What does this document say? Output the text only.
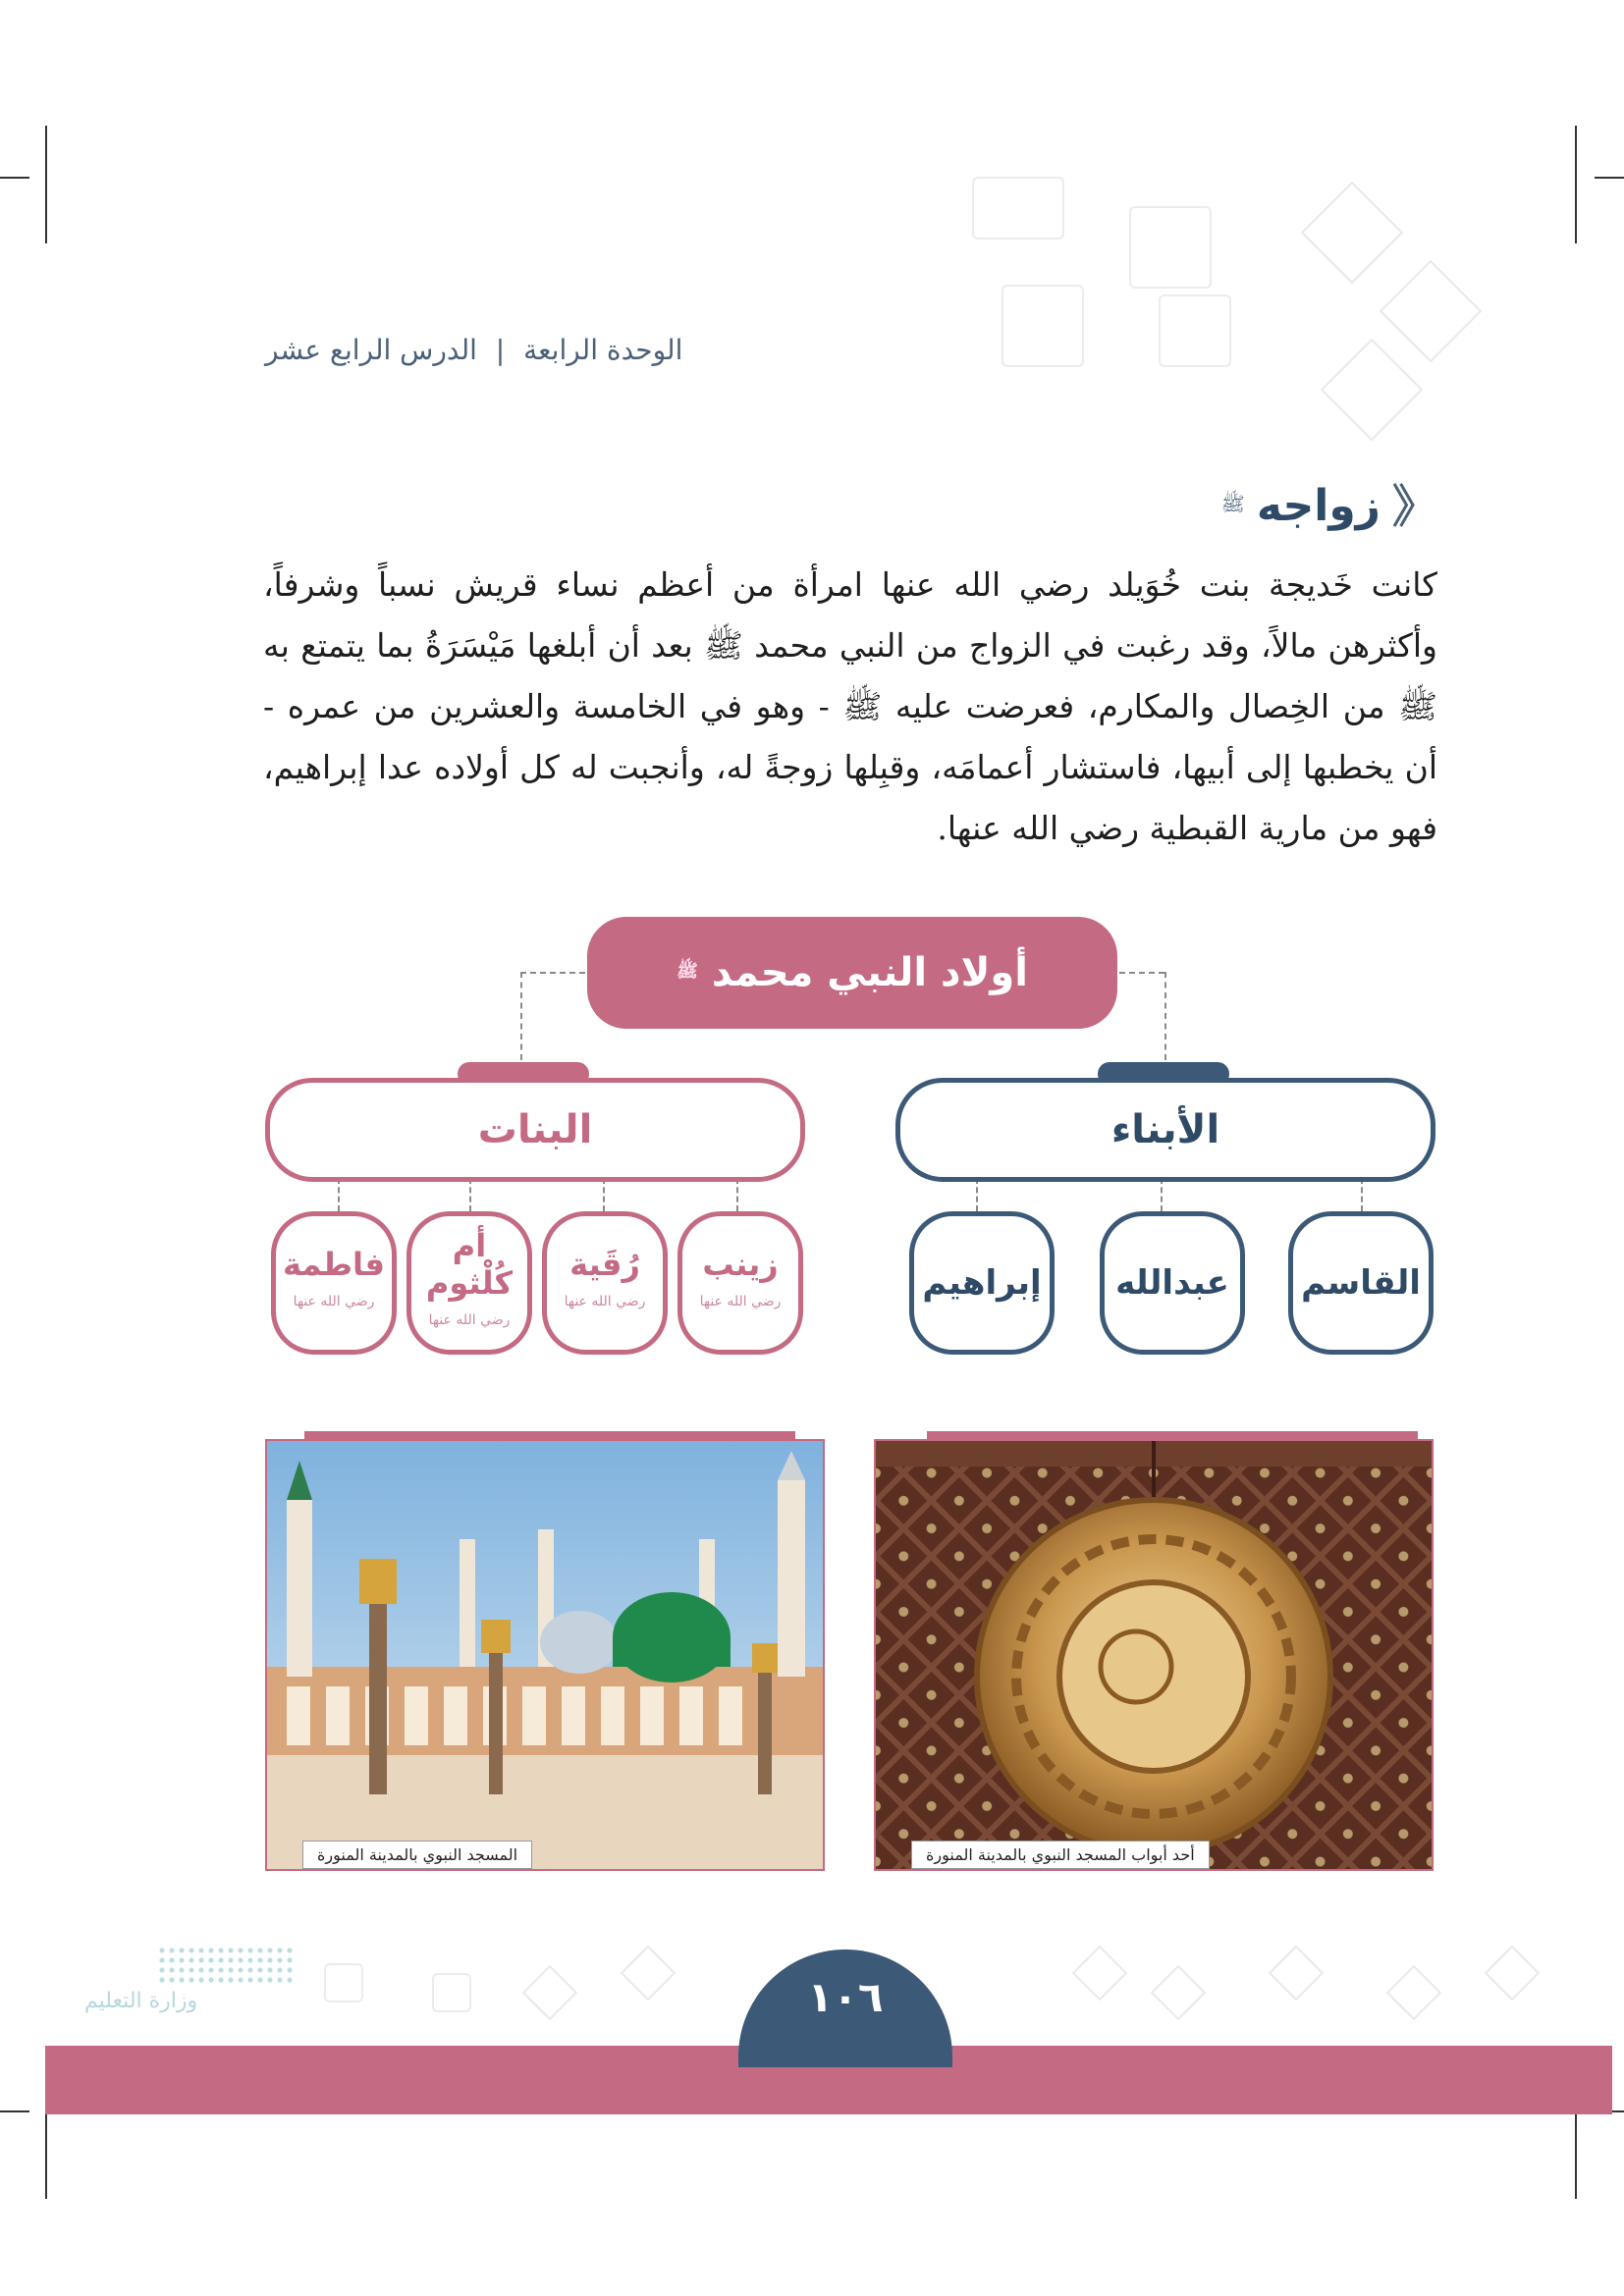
الوحدة الرابعة | الدرس الرابع عشر
《
زواجه
ﷺ
كانت خَديجة بنت خُوَيلد رضي الله عنها امرأة من أعظم نساء قريش نسباً وشرفاً، وأكثرهن مالاً، وقد رغبت في الزواج من النبي محمد ﷺ بعد أن أبلغها مَيْسَرَةُ بما يتمتع به ﷺ من الخِصال والمكارم، فعرضت عليه ﷺ - وهو في الخامسة والعشرين من عمره - أن يخطبها إلى أبيها، فاستشار أعمامَه، وقبِلها زوجةً له، وأنجبت له كل أولاده عدا إبراهيم، فهو من مارية القبطية رضي الله عنها.
أولاد النبي محمد
ﷺ
الأبناء
البنات
القاسم
عبدالله
إبراهيم
زينب
رضي الله عنها
رُقَية
رضي الله عنها
أم كُلْثوم
رضي الله عنها
فاطمة
رضي الله عنها
أحد أبواب المسجد النبوي بالمدينة المنورة
المسجد النبوي بالمدينة المنورة
وزارة التعليم	١٠٦
